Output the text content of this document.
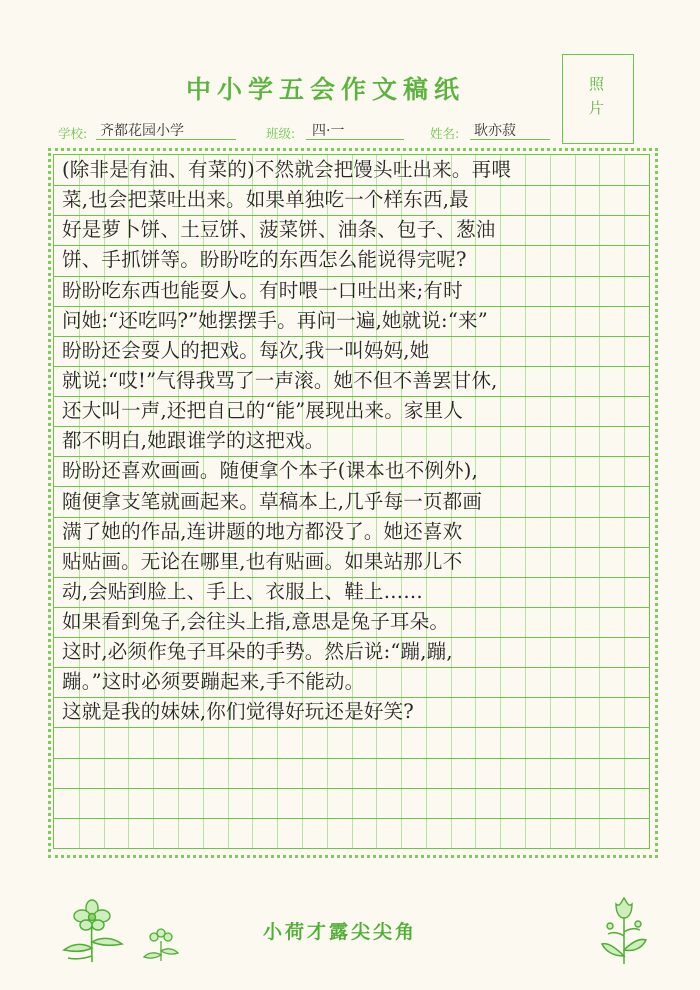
中小学五会作文稿纸	照
片
学校: 齐都花园小学	班级: 四·一	姓名: 耿亦菽
(除非是有油、有菜的)不然就会把馒头吐出来。再喂
菜,也会把菜吐出来。如果单独吃一个样东西,最
好是萝卜饼、土豆饼、菠菜饼、油条、包子、葱油
饼、手抓饼等。盼盼吃的东西怎么能说得完呢?
盼盼吃东西也能耍人。有时喂一口吐出来;有时
问她:“还吃吗?”她摆摆手。再问一遍,她就说:“来”
盼盼还会耍人的把戏。每次,我一叫妈妈,她
就说:“哎!”气得我骂了一声滚。她不但不善罢甘休,
还大叫一声,还把自己的“能”展现出来。家里人
都不明白,她跟谁学的这把戏。
盼盼还喜欢画画。随便拿个本子(课本也不例外),
随便拿支笔就画起来。草稿本上,几乎每一页都画
满了她的作品,连讲题的地方都没了。她还喜欢
贴贴画。无论在哪里,也有贴画。如果站那儿不
动,会贴到脸上、手上、衣服上、鞋上……
如果看到兔子,会往头上指,意思是兔子耳朵。
这时,必须作兔子耳朵的手势。然后说:“蹦,蹦,
蹦。”这时必须要蹦起来,手不能动。
这就是我的妹妹,你们觉得好玩还是好笑?
小荷才露尖尖角
